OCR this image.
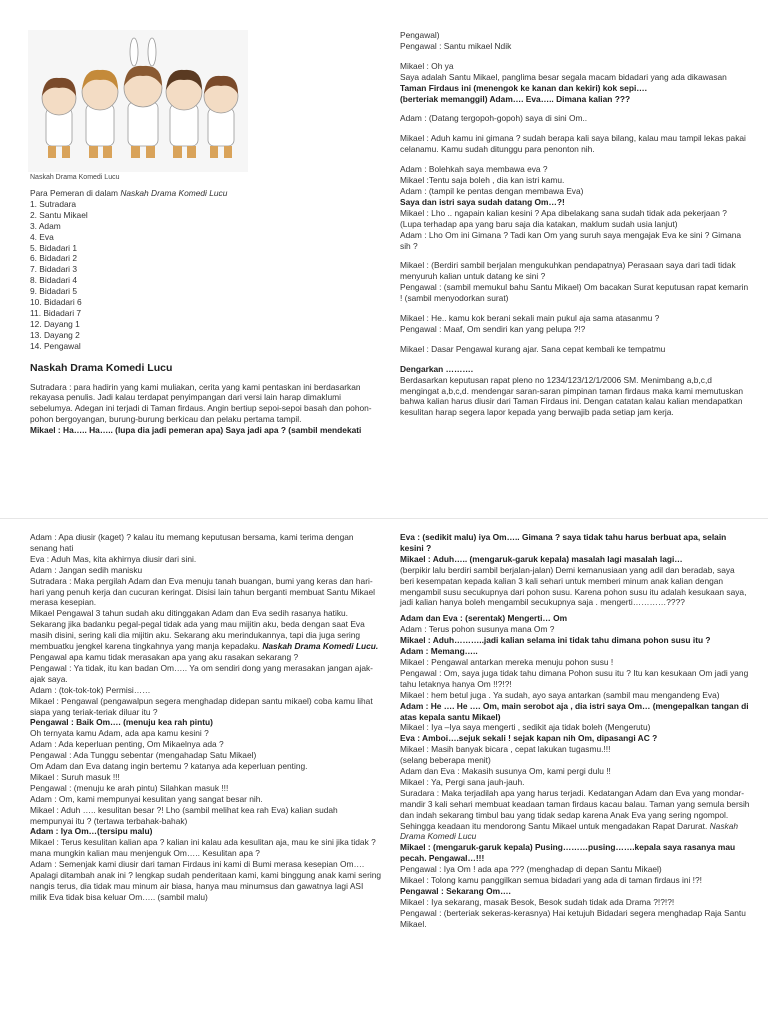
Naskah Drama Komedi Lucu

Para Pemeran di dalam Naskah Drama Komedi Lucu

1. Sutradara

2. Santu Mikael

3. Adam

4. Eva

5. Bidadari 1

6. Bidadari 2

7. Bidadari 3

8. Bidadari 4

9. Bidadari 5

10. Bidadari 6

11. Bidadari 7

12. Dayang 1

13. Dayang 2

14. Pengawal

Naskah Drama Komedi Lucu

Sutradara : para hadirin yang kami muliakan, cerita yang kami pentaskan ini berdasarkan rekayasa penulis. Jadi kalau terdapat penyimpangan dari versi lain harap dimaklumi sebelumya. Adegan ini terjadi di Taman firdaus. Angin bertiup sepoi-sepoi basah dan pohon-pohon bergoyangan, burung-burung berkicau dan pelaku pertama tampil.

Mikael : Ha….. Ha….. (lupa dia jadi pemeran apa) Saya jadi apa ? (sambil mendekati

Pengawal)

Pengawal : Santu mikael Ndik

Mikael : Oh ya

Saya adalah Santu Mikael, panglima besar segala macam bidadari yang ada dikawasan

Taman Firdaus ini (menengok ke kanan dan kekiri) kok sepi….

(berteriak memanggil) Adam…. Eva….. Dimana kalian ???

Adam : (Datang tergopoh-gopoh) saya di sini Om..

Mikael : Aduh kamu ini gimana ? sudah berapa kali saya bilang, kalau mau tampil lekas pakai celanamu. Kamu sudah ditunggu para penonton nih.

Adam : Bolehkah saya membawa eva ?

Mikael :Tentu saja boleh , dia kan istri kamu.

Adam : (tampil ke pentas dengan membawa Eva)

Saya dan istri saya sudah datang Om…?!

Mikael : Lho .. ngapain kalian kesini ? Apa dibelakang sana sudah tidak ada pekerjaan ? (Lupa terhadap apa yang baru saja dia katakan, maklum sudah usia lanjut)

Adam : Lho Om ini Gimana ? Tadi kan Om yang suruh saya mengajak Eva ke sini ? Gimana sih ?

Mikael : (Berdiri sambil berjalan mengukuhkan pendapatnya) Perasaan saya dari tadi tidak menyuruh kalian untuk datang ke sini ?

Pengawal : (sambil memukul bahu Santu Mikael) Om bacakan Surat keputusan rapat kemarin ! (sambil menyodorkan surat)

Mikael : He.. kamu kok berani sekali main pukul aja sama atasanmu ?

Pengawal : Maaf, Om sendiri kan yang pelupa ?!?

Mikael : Dasar Pengawal kurang ajar. Sana cepat kembali ke tempatmu

Dengarkan ……….

Berdasarkan keputusan rapat pleno no 1234/123/12/1/2006 SM. Menimbang a,b,c,d mengingat a,b,c,d. mendengar saran-saran pimpinan taman firdaus maka kami memutuskan bahwa kalian harus diusir dari Taman Firdaus ini. Dengan catatan kalau kalian mendapatkan kesulitan harap segera lapor kepada yang berwajib pada setiap jam kerja.

Adam : Apa diusir (kaget) ? kalau itu memang keputusan bersama, kami terima dengan senang hati

Eva : Aduh Mas, kita akhirnya diusir dari sini.

Adam : Jangan sedih manisku

Sutradara : Maka pergilah Adam dan Eva menuju tanah buangan, bumi yang keras dan hari-hari yang penuh kerja dan cucuran keringat. Disisi lain tahun berganti membuat Santu Mikael merasa kesepian.

Mikael Pengawal 3 tahun sudah aku ditinggakan Adam dan Eva sedih rasanya hatiku. Sekarang jika badanku pegal-pegal tidak ada yang mau mijitin aku, beda dengan saat Eva masih disini, sering kali dia mijitin aku. Sekarang aku merindukannya, tapi dia juga sering membuatku jengkel karena tingkahnya yang manja kepadaku. Naskah Drama Komedi Lucu.

Pengawal apa kamu tidak merasakan apa yang aku rasakan sekarang ?

Pengawal : Ya tidak, itu kan badan Om….. Ya om sendiri dong yang merasakan jangan ajak-ajak saya.

Adam : (tok-tok-tok) Permisi……

Mikael : Pengawal (pengawalpun segera menghadap didepan santu mikael) coba kamu lihat siapa yang teriak-teriak diluar itu ?

Pengawal : Baik Om…. (menuju kea rah pintu)

Oh ternyata kamu Adam, ada apa kamu kesini ?

Adam : Ada keperluan penting, Om Mikaelnya ada ?

Pengawal : Ada Tunggu sebentar (mengahadap Satu Mikael)

Om Adam dan Eva datang ingin bertemu ? katanya ada keperluan penting.

Mikael : Suruh masuk !!!

Pengawal : (menuju ke arah pintu) Silahkan masuk !!!

Adam : Om, kami mempunyai kesulitan yang sangat besar nih.

Mikael : Aduh ….. kesulitan besar ?! Lho (sambil melihat kea rah Eva) kalian sudah mempunyai itu ? (tertawa terbahak-bahak)

Adam : Iya Om…(tersipu malu)

Mikael : Terus kesulitan kalian apa ? kalian ini kalau ada kesulitan aja, mau ke sini jika tidak ? mana mungkin kalian mau menjenguk Om….. Kesulitan apa ?

Adam : Semenjak kami diusir dari taman Firdaus ini kami di Bumi merasa kesepian Om…. Apalagi ditambah anak ini ? lengkap sudah penderitaan kami, kami binggung anak kami sering nangis terus, dia tidak mau minum air biasa, hanya mau minumsus dan gawatnya lagi ASI milik Eva tidak bisa keluar Om….. (sambil malu)

Eva : (sedikit malu) iya Om….. Gimana ? saya tidak tahu harus berbuat apa, selain kesini ?

Mikael : Aduh….. (mengaruk-garuk kepala) masalah lagi masalah lagi…

(berpikir lalu berdiri sambil berjalan-jalan) Demi kemanusiaan yang adil dan beradab, saya beri kesempatan kepada kalian 3 kali sehari untuk memberi minum anak kalian dengan mengambil susu secukupnya dari pohon susu. Karena pohon susu itu adalah kesukaan saya, jadi kalian hanya boleh mengambil secukupnya saja . mengerti…………????

Adam dan Eva : (serentak) Mengerti… Om

Adam : Terus pohon susunya mana Om ?

Mikael : Aduh………..jadi kalian selama ini tidak tahu dimana pohon susu itu ?

Adam : Memang…..

Mikael : Pengawal antarkan mereka menuju pohon susu !

Pengawal : Om, saya juga tidak tahu dimana Pohon susu itu ? Itu kan kesukaan Om jadi yang tahu letaknya hanya Om !!?!?!

Mikael : hem betul juga . Ya sudah, ayo saya antarkan (sambil mau mengandeng Eva)

Adam : He …. He …. Om, main serobot aja , dia istri saya Om… (mengepalkan tangan di atas kepala santu Mikael)

Mikael : Iya –Iya saya mengerti , sedikit aja tidak boleh (Mengerutu)

Eva : Amboi….sejuk sekali ! sejak kapan nih Om, dipasangi AC ?

Mikael : Masih banyak bicara , cepat lakukan tugasmu.!!!

(selang beberapa menit)

Adam dan Eva : Makasih susunya Om, kami pergi dulu !!

Mikael : Ya, Pergi sana jauh-jauh.

Suradara : Maka terjadilah apa yang harus terjadi. Kedatangan Adam dan Eva yang mondar- mandir 3 kali sehari membuat keadaan taman firdaus kacau balau. Taman yang semula bersih dan indah sekarang timbul bau yang tidak sedap karena Anak Eva yang sering ngompol. Sehingga keadaan itu mendorong Santu Mikael untuk mengadakan Rapat Darurat. Naskah Drama Komedi Lucu

Mikael : (mengaruk-garuk kepala) Pusing………pusing…….kepala saya rasanya mau pecah. Pengawal…!!!

Pengawal : Iya Om ! ada apa ??? (menghadap di depan Santu Mikael)

Mikael : Tolong kamu panggilkan semua bidadari yang ada di taman firdaus ini !?!

Pengawal : Sekarang Om….

Mikael : Iya sekarang, masak Besok, Besok sudah tidak ada Drama ?!?!?!

Pengawal : (berteriak sekeras-kerasnya) Hai ketujuh Bidadari segera menghadap Raja Santu Mikael.
